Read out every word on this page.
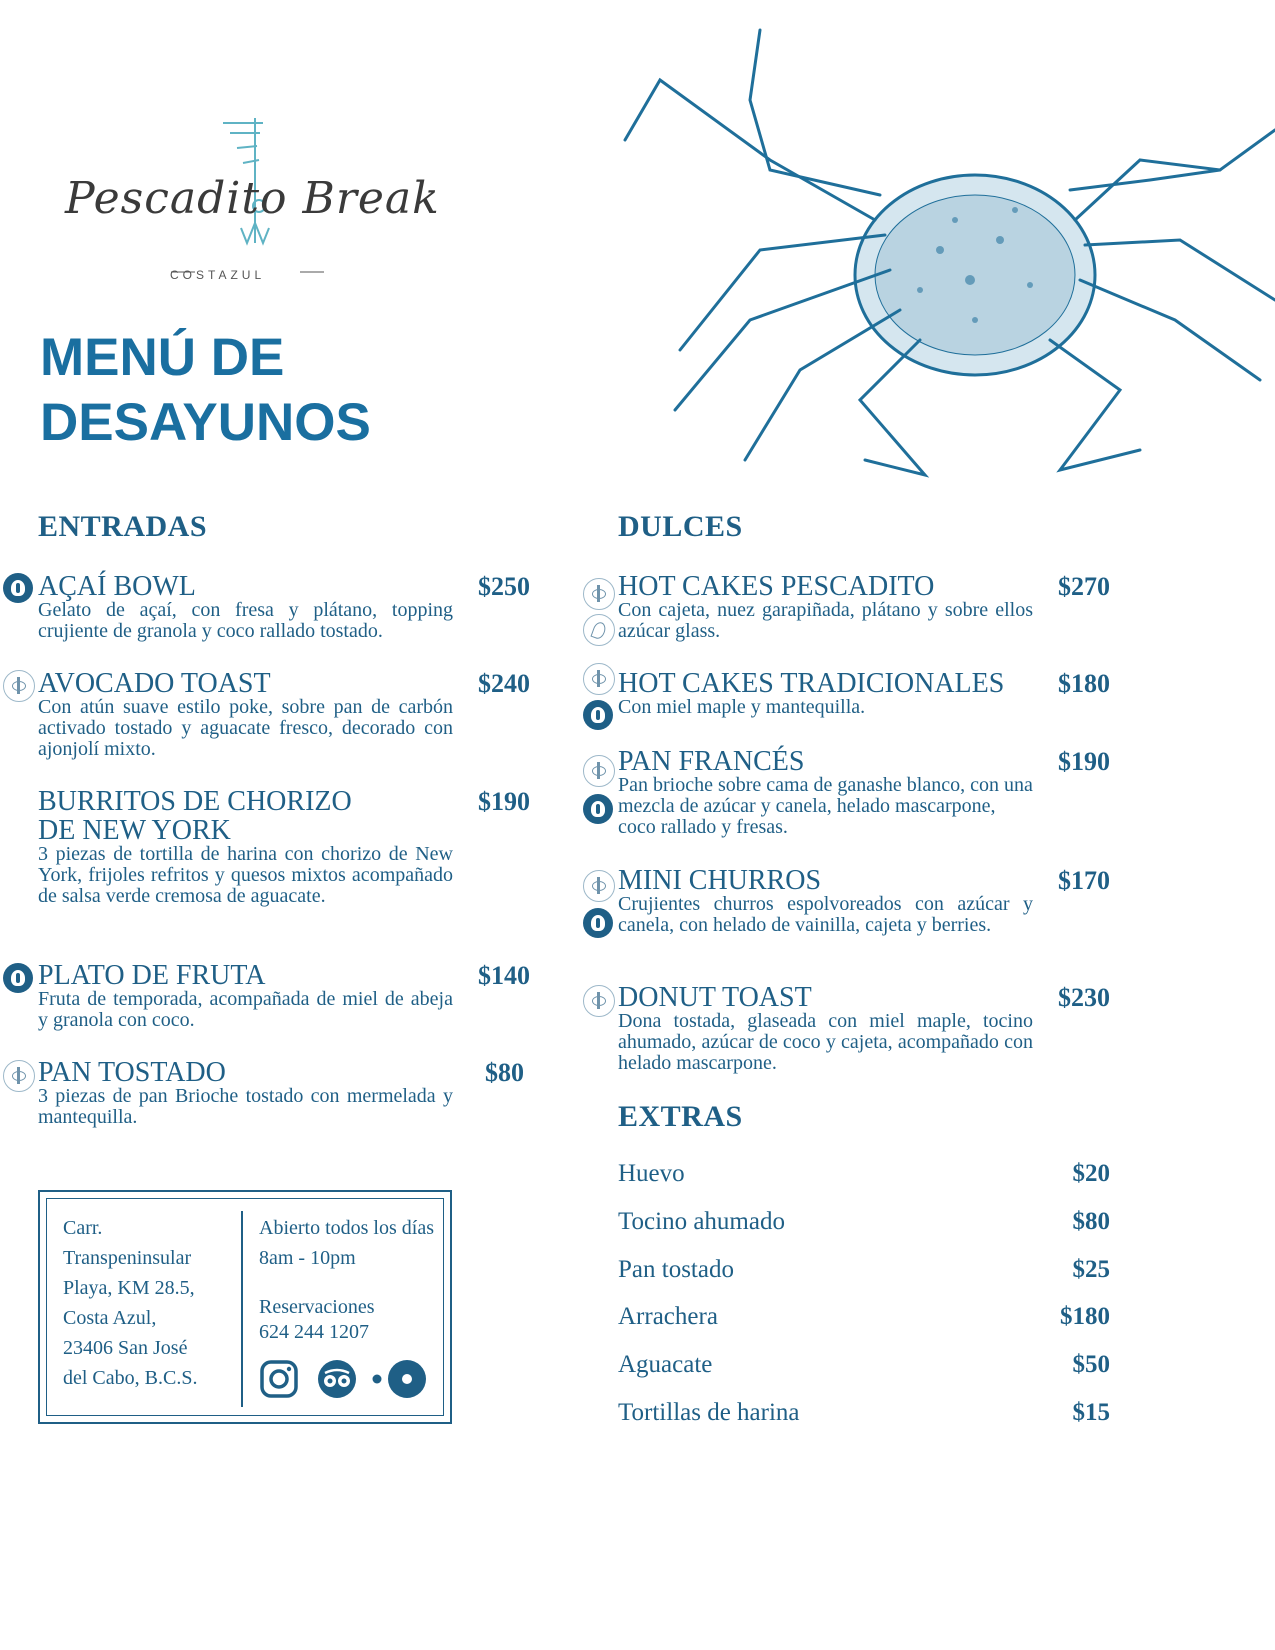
Pescadito Break
COSTAZUL
MENÚ DE
DESAYUNOS
ENTRADAS
AÇAÍ BOWL
Gelato de açaí, con fresa y plátano, topping crujiente de granola y coco rallado tostado.
$250
AVOCADO TOAST
Con atún suave estilo poke, sobre pan de carbón activado tostado y aguacate fresco, decorado con ajonjolí mixto.
$240
BURRITOS DE CHORIZO DE NEW YORK
3 piezas de tortilla de harina con chorizo de New York, frijoles refritos y quesos mixtos acompañado de salsa verde cremosa de aguacate.
$190
PLATO DE FRUTA
Fruta de temporada, acompañada de miel de abeja y granola con coco.
$140
PAN TOSTADO
3 piezas de pan Brioche tostado con mermelada y mantequilla.
$80
DULCES
HOT CAKES PESCADITO
Con cajeta, nuez garapiñada, plátano y sobre ellos azúcar glass.
$270
HOT CAKES TRADICIONALES
Con miel maple y mantequilla.
$180
PAN FRANCÉS
Pan brioche sobre cama de ganashe blanco, con una mezcla de azúcar y canela, helado mascarpone, coco rallado y fresas.
$190
MINI CHURROS
Crujientes churros espolvoreados con azúcar y canela, con helado de vainilla, cajeta y berries.
$170
DONUT TOAST
Dona tostada, glaseada con miel maple, tocino ahumado, azúcar de coco y cajeta, acompañado con helado mascarpone.
$230
EXTRAS
Huevo	$20
Tocino ahumado	$80
Pan tostado	$25
Arrachera	$180
Aguacate	$50
Tortillas de harina	$15
Carr.
Transpeninsular
Playa, KM 28.5,
Costa Azul,
23406 San José
del Cabo, B.C.S.
Abierto todos los días 8am - 10pm
Reservaciones
624 244 1207
